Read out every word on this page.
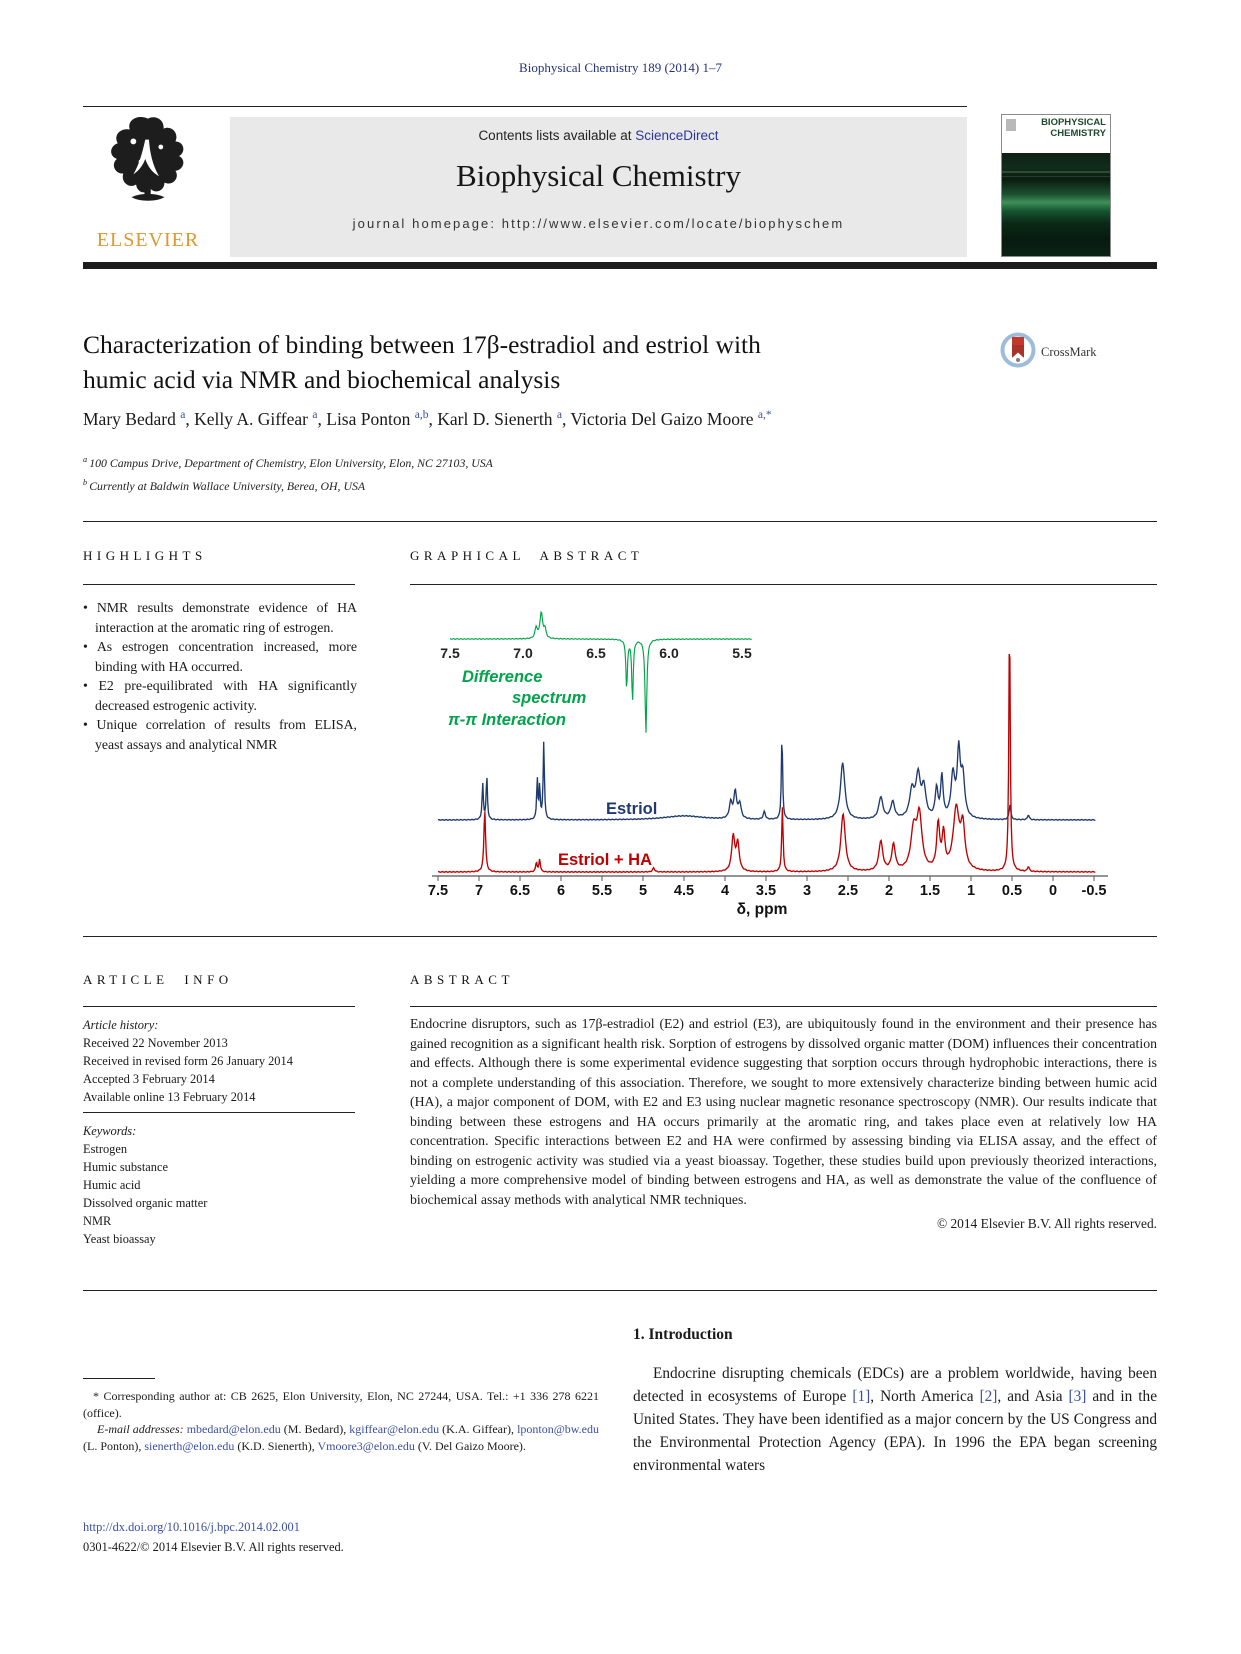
Biophysical Chemistry 189 (2014) 1–7
ELSEVIER
Contents lists available at ScienceDirect
Biophysical Chemistry
journal homepage: http://www.elsevier.com/locate/biophyschem
BIOPHYSICAL
CHEMISTRY
Characterization of binding between 17β-estradiol and estriol with
humic acid via NMR and biochemical analysis
CrossMark
Mary Bedard $^a$, Kelly A. Giffear $^a$, Lisa Ponton $^{a,b}$, Karl D. Sienerth $^a$, Victoria Del Gaizo Moore $^{a,*}$
$^a$ 100 Campus Drive, Department of Chemistry, Elon University, Elon, NC 27103, USA
$^b$ Currently at Baldwin Wallace University, Berea, OH, USA
HIGHLIGHTS
• NMR results demonstrate evidence of HA interaction at the aromatic ring of estrogen.
• As estrogen concentration increased, more binding with HA occurred.
• E2 pre-equilibrated with HA significantly decreased estrogenic activity.
• Unique correlation of results from ELISA, yeast assays and analytical NMR
GRAPHICAL ABSTRACT
7.5 7 6.5 6 5.5 5 4.5 4 3.5 3 2.5 2 1.5 1 0.5 0 -0.5
δ, ppm
7.5	7.0	6.5	6.0	5.5
Difference
spectrum
π-π Interaction
Estriol
Estriol + HA
ARTICLE INFO
Article history:
Received 22 November 2013
Received in revised form 26 January 2014
Accepted 3 February 2014
Available online 13 February 2014
Keywords:
Estrogen
Humic substance
Humic acid
Dissolved organic matter
NMR
Yeast bioassay
ABSTRACT
Endocrine disruptors, such as 17β-estradiol (E2) and estriol (E3), are ubiquitously found in the environment and their presence has gained recognition as a significant health risk. Sorption of estrogens by dissolved organic matter (DOM) influences their concentration and effects. Although there is some experimental evidence suggesting that sorption occurs through hydrophobic interactions, there is not a complete understanding of this association. Therefore, we sought to more extensively characterize binding between humic acid (HA), a major component of DOM, with E2 and E3 using nuclear magnetic resonance spectroscopy (NMR). Our results indicate that binding between these estrogens and HA occurs primarily at the aromatic ring, and takes place even at relatively low HA concentration. Specific interactions between E2 and HA were confirmed by assessing binding via ELISA assay, and the effect of binding on estrogenic activity was studied via a yeast bioassay. Together, these studies build upon previously theorized interactions, yielding a more comprehensive model of binding between estrogens and HA, as well as demonstrate the value of the confluence of biochemical assay methods with analytical NMR techniques.
© 2014 Elsevier B.V. All rights reserved.
1. Introduction
Endocrine disrupting chemicals (EDCs) are a problem worldwide, having been detected in ecosystems of Europe [1], North America [2], and Asia [3] and in the United States. They have been identified as a major concern by the US Congress and the Environmental Protection Agency (EPA). In 1996 the EPA began screening environmental waters

* Corresponding author at: CB 2625, Elon University, Elon, NC 27244, USA. Tel.: +1 336 278 6221 (office).

E-mail addresses: mbedard@elon.edu (M. Bedard), kgiffear@elon.edu (K.A. Giffear), lponton@bw.edu (L. Ponton), sienerth@elon.edu (K.D. Sienerth), Vmoore3@elon.edu (V. Del Gaizo Moore).

http://dx.doi.org/10.1016/j.bpc.2014.02.001
0301-4622/© 2014 Elsevier B.V. All rights reserved.
